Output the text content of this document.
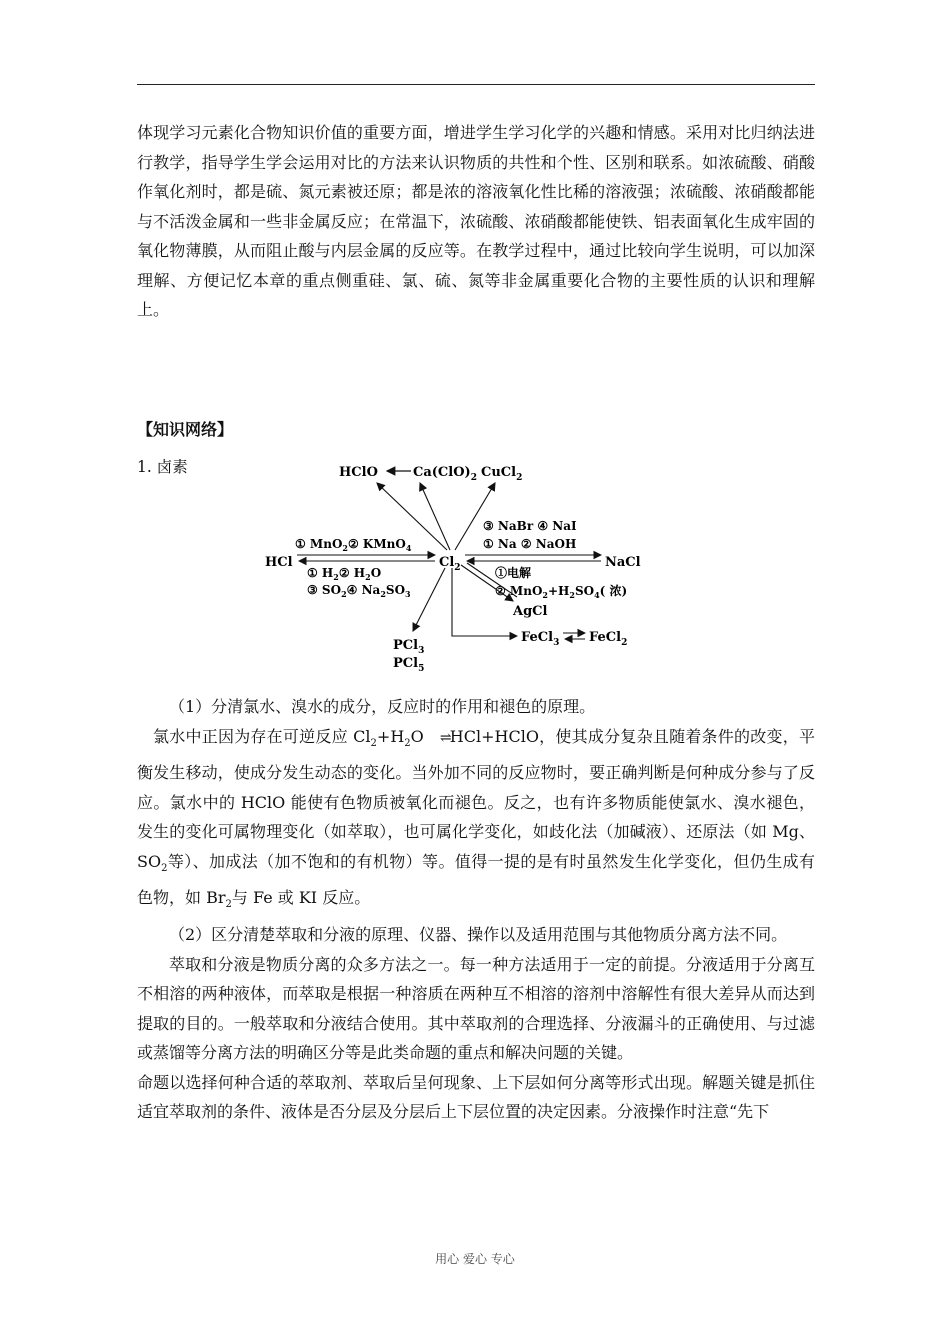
体现学习元素化合物知识价值的重要方面，增进学生学习化学的兴趣和情感。采用对比归纳法进行教学，指导学生学会运用对比的方法来认识物质的共性和个性、区别和联系。如浓硫酸、硝酸作氧化剂时，都是硫、氮元素被还原；都是浓的溶液氧化性比稀的溶液强；浓硫酸、浓硝酸都能与不活泼金属和一些非金属反应；在常温下，浓硫酸、浓硝酸都能使铁、铝表面氧化生成牢固的氧化物薄膜，从而阻止酸与内层金属的反应等。在教学过程中，通过比较向学生说明，可以加深理解、方便记忆本章的重点侧重硅、氯、硫、氮等非金属重要化合物的主要性质的认识和理解上。

【知识网络】
1. 卤素	HClO	$Ca(ClO)_2$ CuCl$_2$
$Cl_2$
HCl
① MnO$_2$② KMnO$_4$
① $H_2②$ $H_2O$
③ $SO_2④$ $Na_2SO_3$
NaCl
③ NaBr ④ NaI
① Na ② NaOH
①电解
② $MnO_2+H_2SO_4$( 浓)
AgCl
FeCl$_3$ FeCl$_2$
PCl$_3$
PCl$_5$

（1）分清氯水、溴水的成分，反应时的作用和褪色的原理。

氯水中正因为存在可逆反应 $Cl_2+H_2O$ ⇌HCl+HClO，使其成分复杂且随着条件的改变，平衡发生移动，使成分发生动态的变化。当外加不同的反应物时，要正确判断是何种成分参与了反应。氯水中的 HClO 能使有色物质被氧化而褪色。反之，也有许多物质能使氯水、溴水褪色，发生的变化可属物理变化（如萃取），也可属化学变化，如歧化法（加碱液）、还原法（如 Mg、$SO_2$等）、加成法（加不饱和的有机物）等。值得一提的是有时虽然发生化学变化，但仍生成有色物，如 $Br_2$与 Fe 或 KI 反应。

（2）区分清楚萃取和分液的原理、仪器、操作以及适用范围与其他物质分离方法不同。

萃取和分液是物质分离的众多方法之一。每一种方法适用于一定的前提。分液适用于分离互不相溶的两种液体，而萃取是根据一种溶质在两种互不相溶的溶剂中溶解性有很大差异从而达到提取的目的。一般萃取和分液结合使用。其中萃取剂的合理选择、分液漏斗的正确使用、与过滤或蒸馏等分离方法的明确区分等是此类命题的重点和解决问题的关键。

命题以选择何种合适的萃取剂、萃取后呈何现象、上下层如何分离等形式出现。解题关键是抓住适宜萃取剂的条件、液体是否分层及分层后上下层位置的决定因素。分液操作时注意“先下

用心 爱心 专心
